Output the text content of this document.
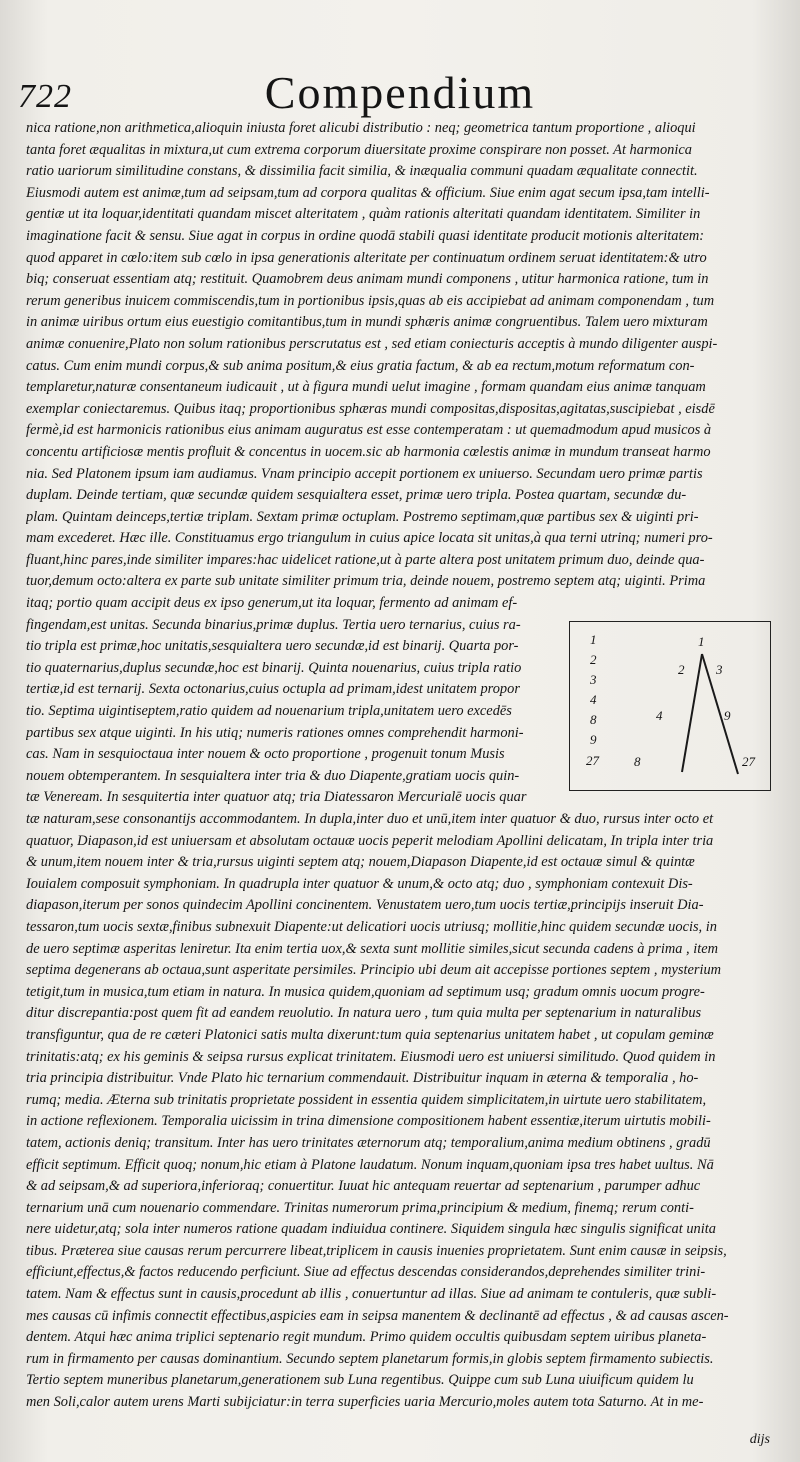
722	Compendium
nica ratione,non arithmetica,alioquin iniusta foret alicubi distributio : neq; geometrica tantum proportione , alioqui
tanta foret æqualitas in mixtura,ut cum extrema corporum diuersitate proxime conspirare non posset. At harmonica
ratio uariorum similitudine constans, & dissimilia facit similia, & inæqualia communi quadam æqualitate connectit.
Eiusmodi autem est animæ,tum ad seipsam,tum ad corpora qualitas & officium. Siue enim agat secum ipsa,tam intelli-
gentiæ ut ita loquar,identitati quandam miscet alteritatem , quàm rationis alteritati quandam identitatem. Similiter in
imaginatione facit & sensu. Siue agat in corpus in ordine quodā stabili quasi identitate producit motionis alteritatem:
quod apparet in cœlo:item sub cœlo in ipsa generationis alteritate per continuatum ordinem seruat identitatem:& utro
biq; conseruat essentiam atq; restituit. Quamobrem deus animam mundi componens , utitur harmonica ratione, tum in
rerum generibus inuicem commiscendis,tum in portionibus ipsis,quas ab eis accipiebat ad animam componendam , tum
in animæ uiribus ortum eius euestigio comitantibus,tum in mundi sphæris animæ congruentibus. Talem uero mixturam
animæ conuenire,Plato non solum rationibus perscrutatus est , sed etiam coniecturis acceptis à mundo diligenter auspi-
catus. Cum enim mundi corpus,& sub anima positum,& eius gratia factum, & ab ea rectum,motum reformatum con-
templaretur,naturæ consentaneum iudicauit , ut à figura mundi uelut imagine , formam quandam eius animæ tanquam
exemplar coniectaremus. Quibus itaq; proportionibus sphæras mundi compositas,dispositas,agitatas,suscipiebat , eisdē
fermè,id est harmonicis rationibus eius animam auguratus est esse contemperatam : ut quemadmodum apud musicos à
concentu artificiosæ mentis profluit & concentus in uocem.sic ab harmonia cœlestis animæ in mundum transeat harmo
nia. Sed Platonem ipsum iam audiamus. Vnam principio accepit portionem ex uniuerso. Secundam uero primæ partis
duplam. Deinde tertiam, quæ secundæ quidem sesquialtera esset, primæ uero tripla. Postea quartam, secundæ du-
plam. Quintam deinceps,tertiæ triplam. Sextam primæ octuplam. Postremo septimam,quæ partibus sex & uiginti pri-
mam excederet. Hæc ille. Constituamus ergo triangulum in cuius apice locata sit unitas,à qua terni utrinq; numeri pro-
fluant,hinc pares,inde similiter impares:hac uidelicet ratione,ut à parte altera post unitatem primum duo, deinde qua-
tuor,demum octo:altera ex parte sub unitate similiter primum tria, deinde nouem, postremo septem atq; uiginti. Prima
itaq; portio quam accipit deus ex ipso generum,ut ita loquar, fermento ad animam ef-
fingendam,est unitas. Secunda binarius,primæ duplus. Tertia uero ternarius, cuius ra-
tio tripla est primæ,hoc unitatis,sesquialtera uero secundæ,id est binarij. Quarta por-
tio quaternarius,duplus secundæ,hoc est binarij. Quinta nouenarius, cuius tripla ratio
tertiæ,id est ternarij. Sexta octonarius,cuius octupla ad primam,idest unitatem propor
tio. Septima uigintiseptem,ratio quidem ad nouenarium tripla,unitatem uero excedēs
partibus sex atque uiginti. In his utiq; numeris rationes omnes comprehendit harmoni-
cas. Nam in sesquioctaua inter nouem & octo proportione , progenuit tonum Musis
nouem obtemperantem. In sesquialtera inter tria & duo Diapente,gratiam uocis quin-
tæ Veneream. In sesquitertia inter quatuor atq; tria Diatessaron Mercurialē uocis quar
1
2
3
4
8
9
27
1
2
4
8
3
9
27
tæ naturam,sese consonantijs accommodantem. In dupla,inter duo et unū,item inter quatuor & duo, rursus inter octo et
quatuor, Diapason,id est uniuersam et absolutam octauæ uocis peperit melodiam Apollini delicatam, In tripla inter tria
& unum,item nouem inter & tria,rursus uiginti septem atq; nouem,Diapason Diapente,id est octauæ simul & quintæ
Iouialem composuit symphoniam. In quadrupla inter quatuor & unum,& octo atq; duo , symphoniam contexuit Dis-
diapason,iterum per sonos quindecim Apollini concinentem. Venustatem uero,tum uocis tertiæ,principijs inseruit Dia-
tessaron,tum uocis sextæ,finibus subnexuit Diapente:ut delicatiori uocis utriusq; mollitie,hinc quidem secundæ uocis, in
de uero septimæ asperitas leniretur. Ita enim tertia uox,& sexta sunt mollitie similes,sicut secunda cadens à prima , item
septima degenerans ab octaua,sunt asperitate persimiles. Principio ubi deum ait accepisse portiones septem , mysterium
tetigit,tum in musica,tum etiam in natura. In musica quidem,quoniam ad septimum usq; gradum omnis uocum progre-
ditur discrepantia:post quem fit ad eandem reuolutio. In natura uero , tum quia multa per septenarium in naturalibus
transfiguntur, qua de re cæteri Platonici satis multa dixerunt:tum quia septenarius unitatem habet , ut copulam geminæ
trinitatis:atq; ex his geminis & seipsa rursus explicat trinitatem. Eiusmodi uero est uniuersi similitudo. Quod quidem in
tria principia distribuitur. Vnde Plato hic ternarium commendauit. Distribuitur inquam in æterna & temporalia , ho-
rumq; media. Æterna sub trinitatis proprietate possident in essentia quidem simplicitatem,in uirtute uero stabilitatem,
in actione reflexionem. Temporalia uicissim in trina dimensione compositionem habent essentiæ,iterum uirtutis mobili-
tatem, actionis deniq; transitum. Inter has uero trinitates æternorum atq; temporalium,anima medium obtinens , gradū
efficit septimum. Efficit quoq; nonum,hic etiam à Platone laudatum. Nonum inquam,quoniam ipsa tres habet uultus. Nā
& ad seipsam,& ad superiora,inferioraq; conuertitur. Iuuat hic antequam reuertar ad septenarium , parumper adhuc
ternarium unā cum nouenario commendare. Trinitas numerorum prima,principium & medium, finemq; rerum conti-
nere uidetur,atq; sola inter numeros ratione quadam indiuidua continere. Siquidem singula hæc singulis significat unita
tibus. Præterea siue causas rerum percurrere libeat,triplicem in causis inuenies proprietatem. Sunt enim causæ in seipsis,
efficiunt,effectus,& factos reducendo perficiunt. Siue ad effectus descendas considerandos,deprehendes similiter trini-
tatem. Nam & effectus sunt in causis,procedunt ab illis , conuertuntur ad illas. Siue ad animam te contuleris, quæ subli-
mes causas cū infimis connectit effectibus,aspicies eam in seipsa manentem & declinantē ad effectus , & ad causas ascen-
dentem. Atqui hæc anima triplici septenario regit mundum. Primo quidem occultis quibusdam septem uiribus planeta-
rum in firmamento per causas dominantium. Secundo septem planetarum formis,in globis septem firmamento subiectis.
Tertio septem muneribus planetarum,generationem sub Luna regentibus. Quippe cum sub Luna uiuificum quidem lu
men Soli,calor autem urens Marti subijciatur:in terra superficies uaria Mercurio,moles autem tota Saturno. At in me-
dijs
